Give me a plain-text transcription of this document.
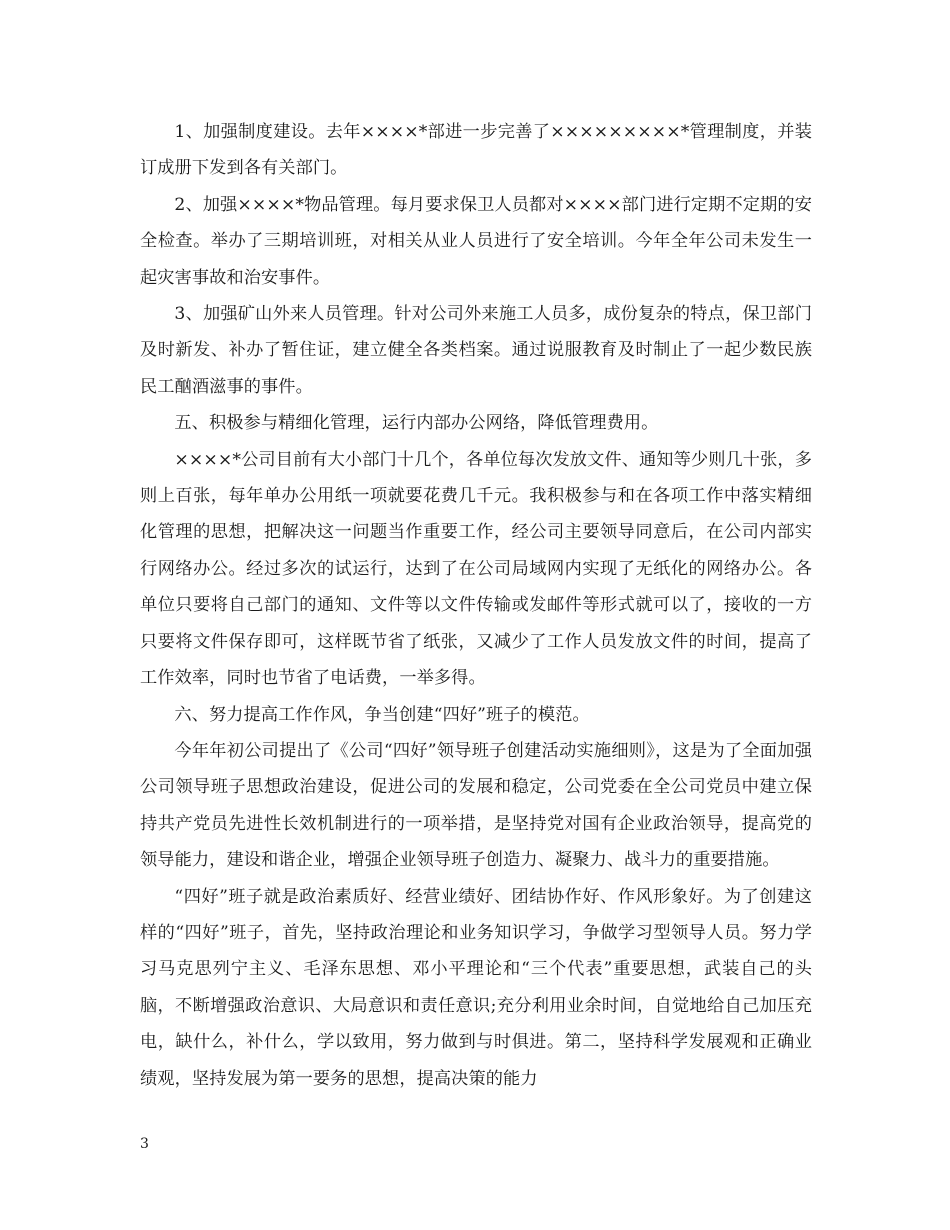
1、加强制度建设。去年××××*部进一步完善了×××××××××*管理制度，并装订成册下发到各有关部门。

2、加强××××*物品管理。每月要求保卫人员都对××××部门进行定期不定期的安全检查。举办了三期培训班，对相关从业人员进行了安全培训。今年全年公司未发生一起灾害事故和治安事件。

3、加强矿山外来人员管理。针对公司外来施工人员多，成份复杂的特点，保卫部门及时新发、补办了暂住证，建立健全各类档案。通过说服教育及时制止了一起少数民族民工酗酒滋事的事件。

五、积极参与精细化管理，运行内部办公网络，降低管理费用。

××××*公司目前有大小部门十几个，各单位每次发放文件、通知等少则几十张，多则上百张，每年单办公用纸一项就要花费几千元。我积极参与和在各项工作中落实精细化管理的思想，把解决这一问题当作重要工作，经公司主要领导同意后，在公司内部实行网络办公。经过多次的试运行，达到了在公司局域网内实现了无纸化的网络办公。各单位只要将自己部门的通知、文件等以文件传输或发邮件等形式就可以了，接收的一方只要将文件保存即可，这样既节省了纸张，又减少了工作人员发放文件的时间，提高了工作效率，同时也节省了电话费，一举多得。

六、努力提高工作作风，争当创建“四好”班子的模范。

今年年初公司提出了《公司“四好”领导班子创建活动实施细则》，这是为了全面加强公司领导班子思想政治建设，促进公司的发展和稳定，公司党委在全公司党员中建立保持共产党员先进性长效机制进行的一项举措，是坚持党对国有企业政治领导，提高党的领导能力，建设和谐企业，增强企业领导班子创造力、凝聚力、战斗力的重要措施。

“四好”班子就是政治素质好、经营业绩好、团结协作好、作风形象好。为了创建这样的“四好”班子，首先，坚持政治理论和业务知识学习，争做学习型领导人员。努力学习马克思列宁主义、毛泽东思想、邓小平理论和“三个代表”重要思想，武装自己的头脑，不断增强政治意识、大局意识和责任意识;充分利用业余时间，自觉地给自己加压充电，缺什么，补什么，学以致用，努力做到与时俱进。第二，坚持科学发展观和正确业绩观，坚持发展为第一要务的思想，提高决策的能力

3
